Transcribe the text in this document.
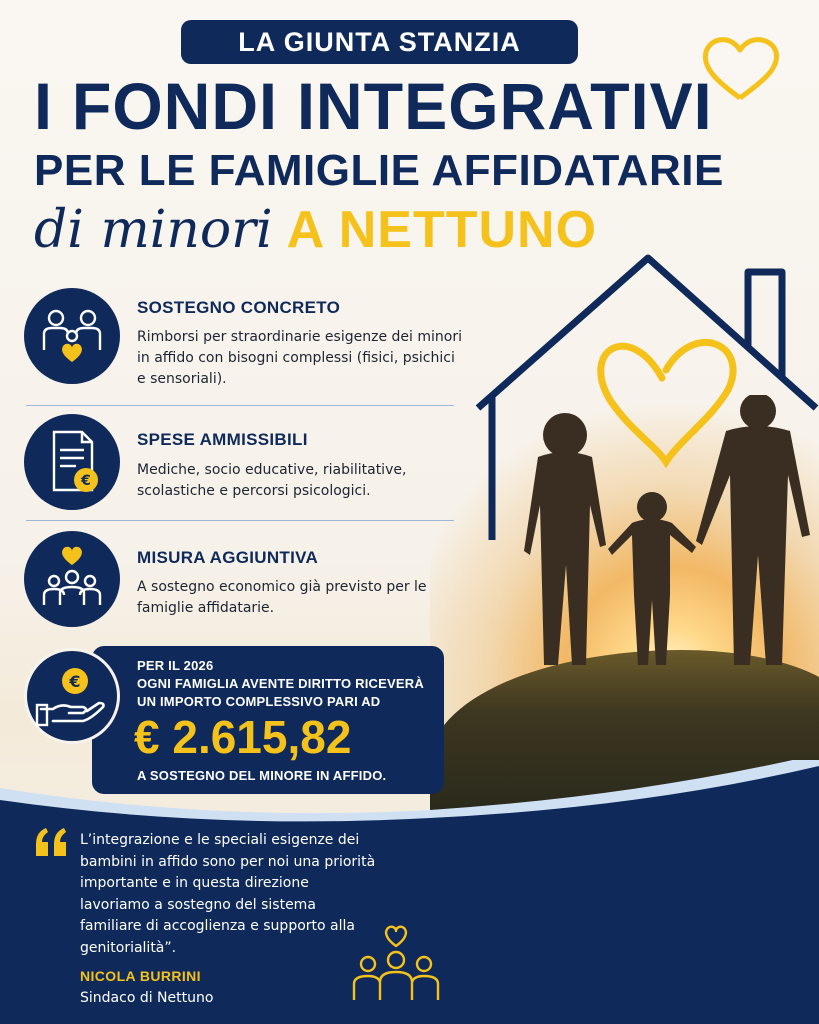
LA GIUNTA STANZIA
I FONDI INTEGRATIVI
PER LE FAMIGLIE AFFIDATARIE
di minori A NETTUNO
SOSTEGNO CONCRETO
Rimborsi per straordinarie esigenze dei minori in affido con bisogni complessi (fisici, psichici e sensoriali).
€
SPESE AMMISSIBILI
Mediche, socio educative, riabilitative, scolastiche e percorsi psicologici.
MISURA AGGIUNTIVA
A sostegno economico già previsto per le famiglie affidatarie.
€
PER IL 2026
OGNI FAMIGLIA AVENTE DIRITTO RICEVERÀ
UN IMPORTO COMPLESSIVO PARI AD
€ 2.615,82
A SOSTEGNO DEL MINORE IN AFFIDO.
L’integrazione e le speciali esigenze dei bambini in affido sono per noi una priorità importante e in questa direzione lavoriamo a sostegno del sistema familiare di accoglienza e supporto alla genitorialità”.
NICOLA BURRINI
Sindaco di Nettuno
